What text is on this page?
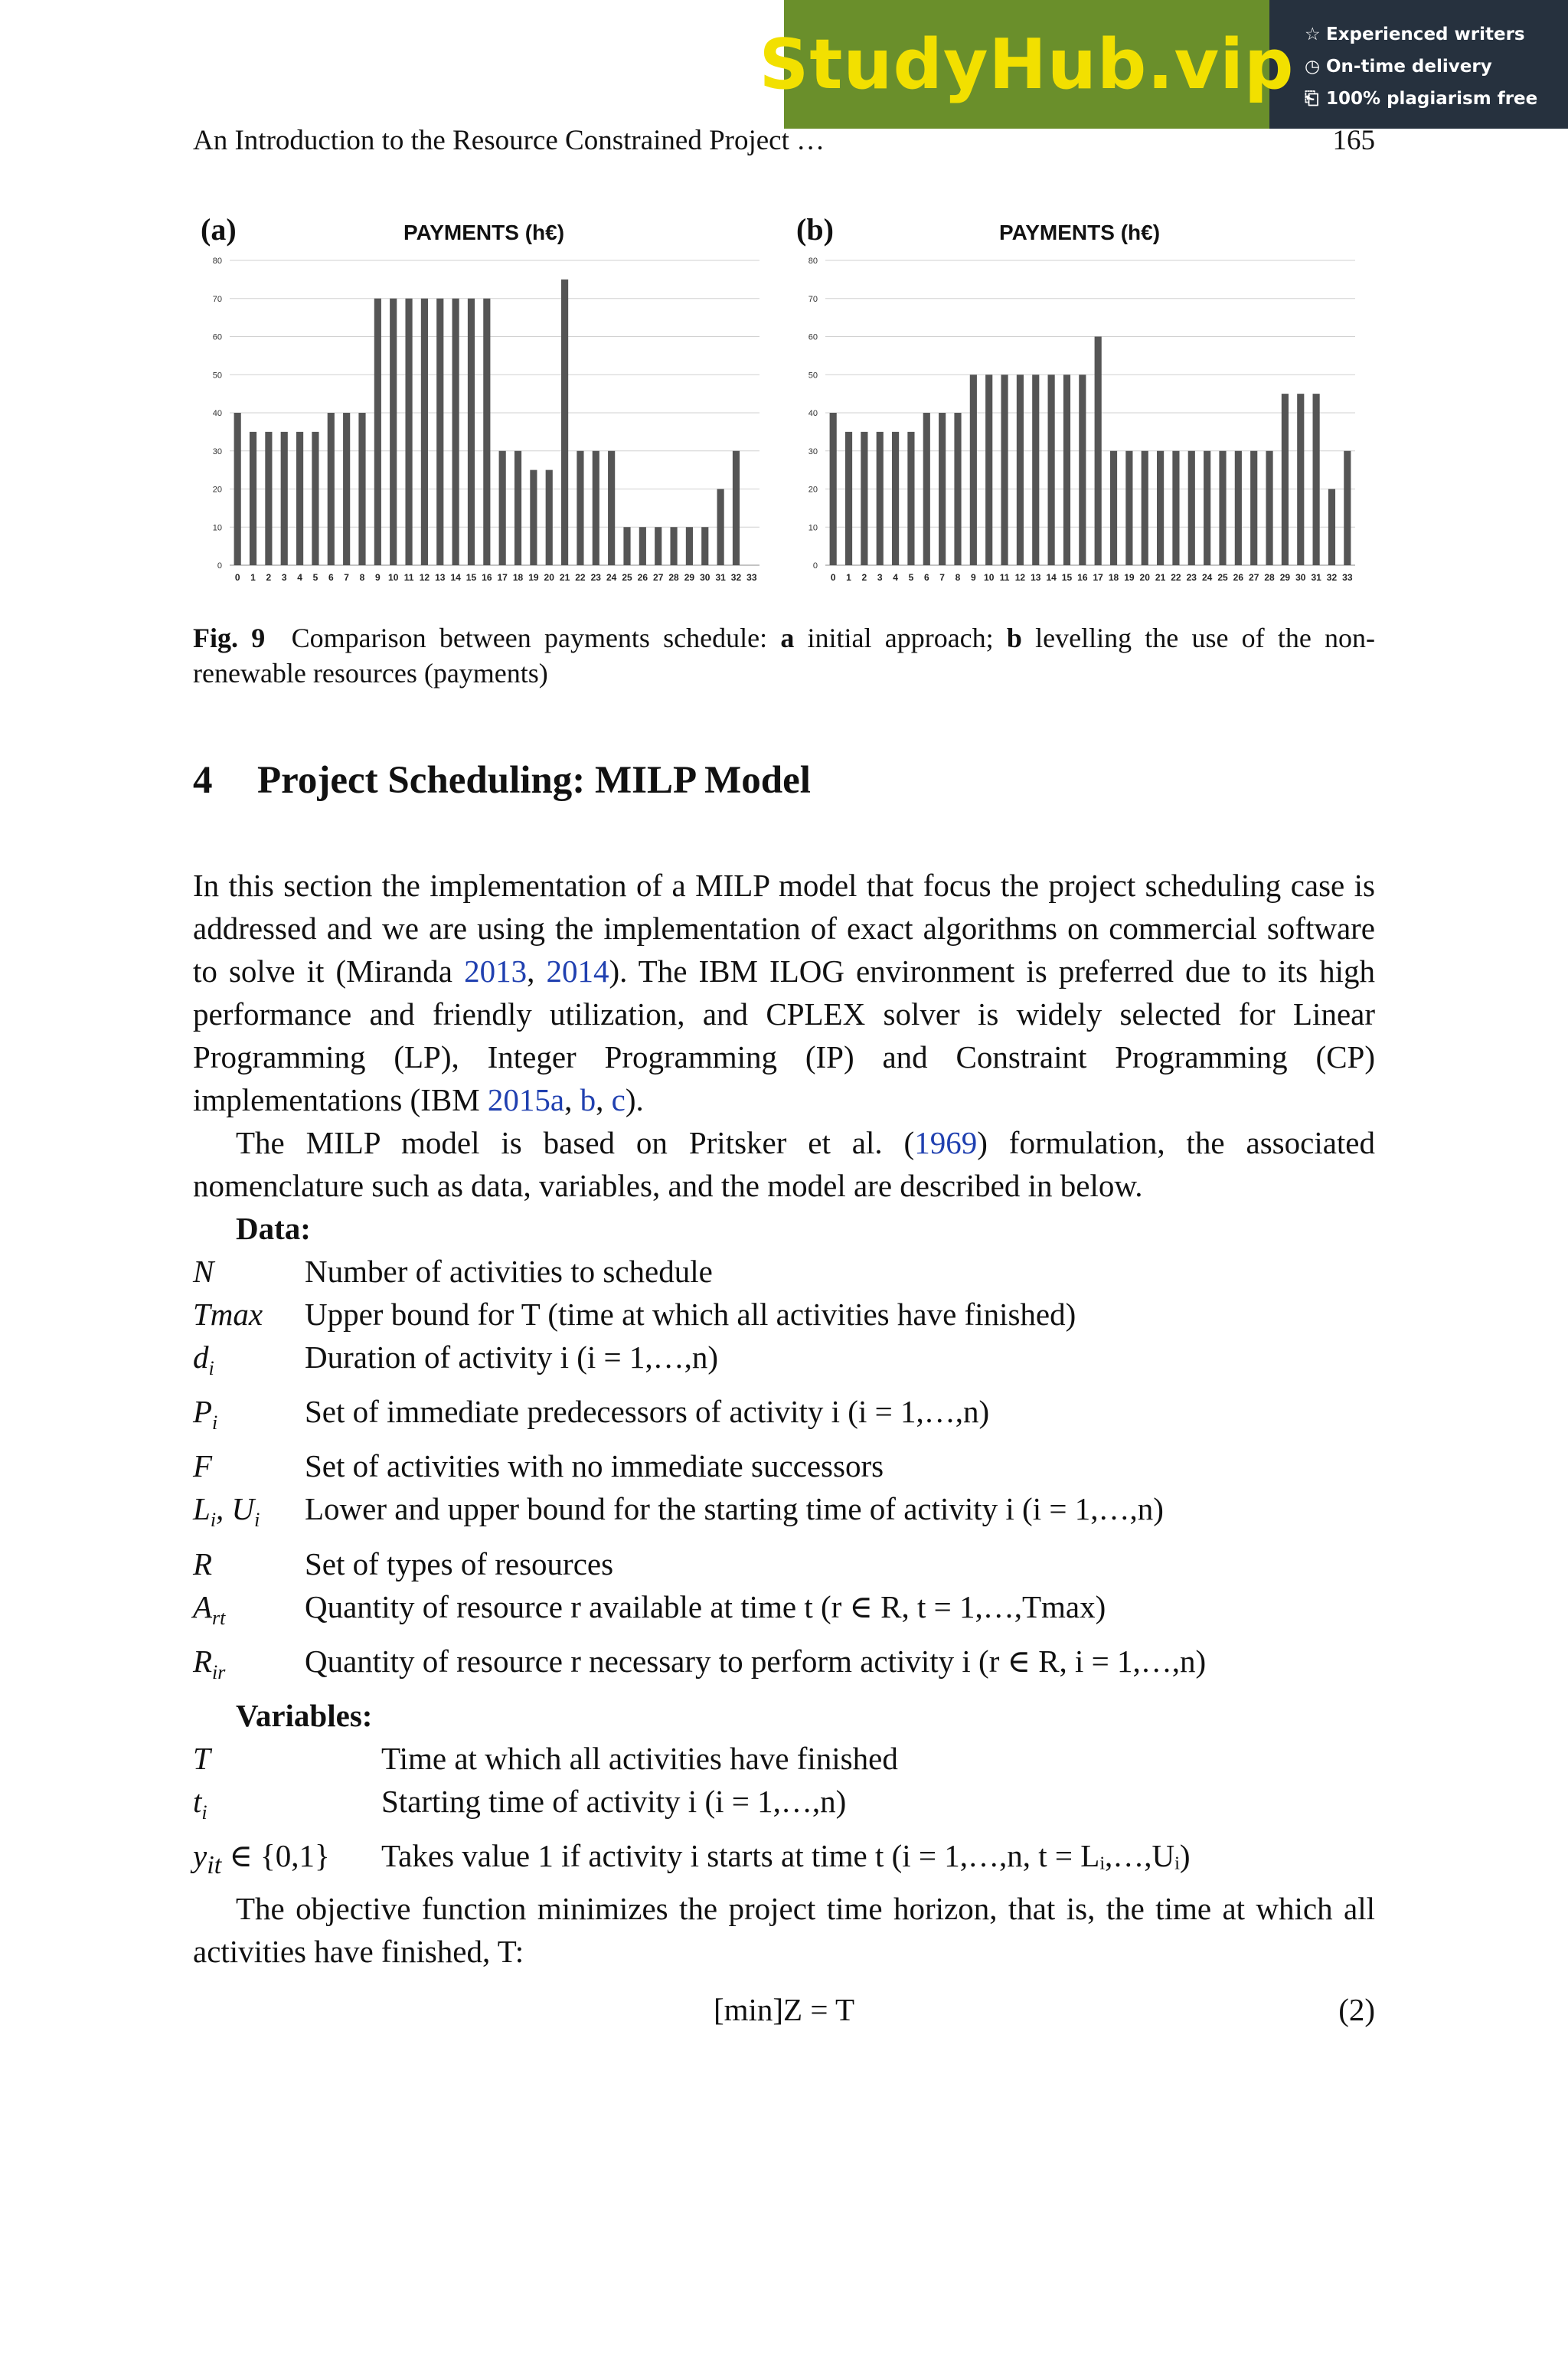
StudyHub.vip ☆ Experienced writers
◷ On-time delivery
⎗ 100% plagiarism free
An Introduction to the Resource Constrained Project …	165
0
10
20
30
40
50
60
70
80
0 1 2 3 4 5 6 7 8 9 10 11 12 13 14 15 16 17 18 19 20 21 22 23 24 25 26 27 28 29 30 31 32 33
(a)	PAYMENTS (h€)
0
10
20
30
40
50
60
70
80
0 1 2 3 4 5 6 7 8 9 10 11 12 13 14 15 16 17 18 19 20 21 22 23 24 25 26 27 28 29 30 31 32 33
(b)	PAYMENTS (h€)
Fig. 9 Comparison between payments schedule: a initial approach; b levelling the use of the non-renewable resources (payments)
4 Project Scheduling: MILP Model

In this section the implementation of a MILP model that focus the project scheduling case is addressed and we are using the implementation of exact algorithms on commercial software to solve it (Miranda 2013, 2014). The IBM ILOG environment is preferred due to its high performance and friendly utilization, and CPLEX solver is widely selected for Linear Programming (LP), Integer Programming (IP) and Constraint Programming (CP) implementations (IBM 2015a, b, c).

The MILP model is based on Pritsker et al. (1969) formulation, the associated nomenclature such as data, variables, and the model are described in below.

Data:
N	Number of activities to schedule
Tmax	Upper bound for T (time at which all activities have finished)
$d_i$	Duration of activity i (i = 1,…,n)
$P_i$	Set of immediate predecessors of activity i (i = 1,…,n)
F	Set of activities with no immediate successors
$L_i$, $U_i$	Lower and upper bound for the starting time of activity i (i = 1,…,n)
R	Set of types of resources
$A_{rt}$	Quantity of resource r available at time t (r ∈ R, t = 1,…,Tmax)
$R_{ir}$	Quantity of resource r necessary to perform activity i (r ∈ R, i = 1,…,n)
Variables:
T	Time at which all activities have finished
$t_i$	Starting time of activity i (i = 1,…,n)
$y_{it}$ ∈ {0,1}	Takes value 1 if activity i starts at time t (i = 1,…,n, t = Lᵢ,…,Uᵢ)

The objective function minimizes the project time horizon, that is, the time at which all activities have finished, T:

[min]Z = T	(2)
